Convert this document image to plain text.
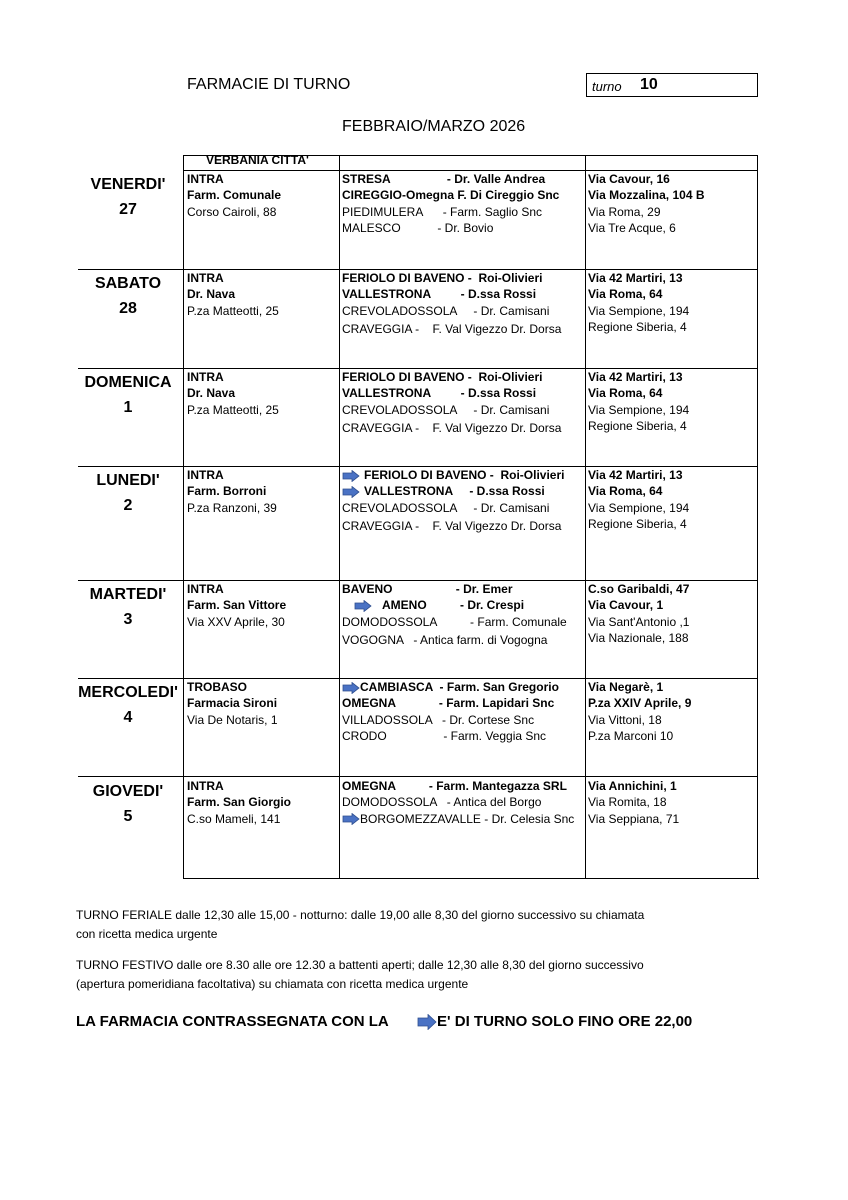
FARMACIE DI TURNO	turno 10
FEBBRAIO/MARZO 2026
VERBANIA CITTA'
VENERDI'
27
INTRA
Farm. Comunale
Corso Cairoli, 88
STRESA                 - Dr. Valle Andrea
CIREGGIO-Omegna F. Di Cireggio Snc
PIEDIMULERA      - Farm. Saglio Snc
MALESCO           - Dr. Bovio
Via Cavour, 16
Via Mozzalina, 104 B
Via Roma, 29
Via Tre Acque, 6
SABATO
28
INTRA
Dr. Nava
P.za Matteotti, 25
FERIOLO DI BAVENO -  Roi-Olivieri
VALLESTRONA         - D.ssa Rossi
CREVOLADOSSOLA     - Dr. Camisani
CRAVEGGIA -    F. Val Vigezzo Dr. Dorsa
Via 42 Martiri, 13
Via Roma, 64
Via Sempione, 194
Regione Siberia, 4
DOMENICA
1
INTRA
Dr. Nava
P.za Matteotti, 25
FERIOLO DI BAVENO -  Roi-Olivieri
VALLESTRONA         - D.ssa Rossi
CREVOLADOSSOLA     - Dr. Camisani
CRAVEGGIA -    F. Val Vigezzo Dr. Dorsa
Via 42 Martiri, 13
Via Roma, 64
Via Sempione, 194
Regione Siberia, 4
LUNEDI'
2
INTRA
Farm. Borroni
P.za Ranzoni, 39
FERIOLO DI BAVENO -  Roi-Olivieri
VALLESTRONA     - D.ssa Rossi
CREVOLADOSSOLA     - Dr. Camisani
CRAVEGGIA -    F. Val Vigezzo Dr. Dorsa
Via 42 Martiri, 13
Via Roma, 64
Via Sempione, 194
Regione Siberia, 4
MARTEDI'
3
INTRA
Farm. San Vittore
Via XXV Aprile, 30
BAVENO                   - Dr. Emer
AMENO          - Dr. Crespi
DOMODOSSOLA          - Farm. Comunale
VOGOGNA   - Antica farm. di Vogogna
C.so Garibaldi, 47
Via Cavour, 1
Via Sant'Antonio ,1
Via Nazionale, 188
MERCOLEDI'
4
TROBASO
Farmacia Sironi
Via De Notaris, 1
CAMBIASCA  - Farm. San Gregorio
OMEGNA             - Farm. Lapidari Snc
VILLADOSSOLA   - Dr. Cortese Snc
CRODO                 - Farm. Veggia Snc
Via Negarè, 1
P.za XXIV Aprile, 9
Via Vittoni, 18
P.za Marconi 10
GIOVEDI'
5
INTRA
Farm. San Giorgio
C.so Mameli, 141
OMEGNA          - Farm. Mantegazza SRL
DOMODOSSOLA   - Antica del Borgo
BORGOMEZZAVALLE - Dr. Celesia Snc
Via Annichini, 1
Via Romita, 18
Via Seppiana, 71
TURNO FERIALE dalle 12,30 alle 15,00 - notturno: dalle 19,00 alle 8,30 del giorno successivo su chiamata
con ricetta medica urgente
TURNO FESTIVO dalle ore 8.30 alle ore 12.30 a battenti aperti; dalle 12,30 alle 8,30 del giorno successivo
(apertura pomeridiana facoltativa) su chiamata con ricetta medica urgente
LA FARMACIA CONTRASSEGNATA CON LA	E' DI TURNO SOLO FINO ORE 22,00
